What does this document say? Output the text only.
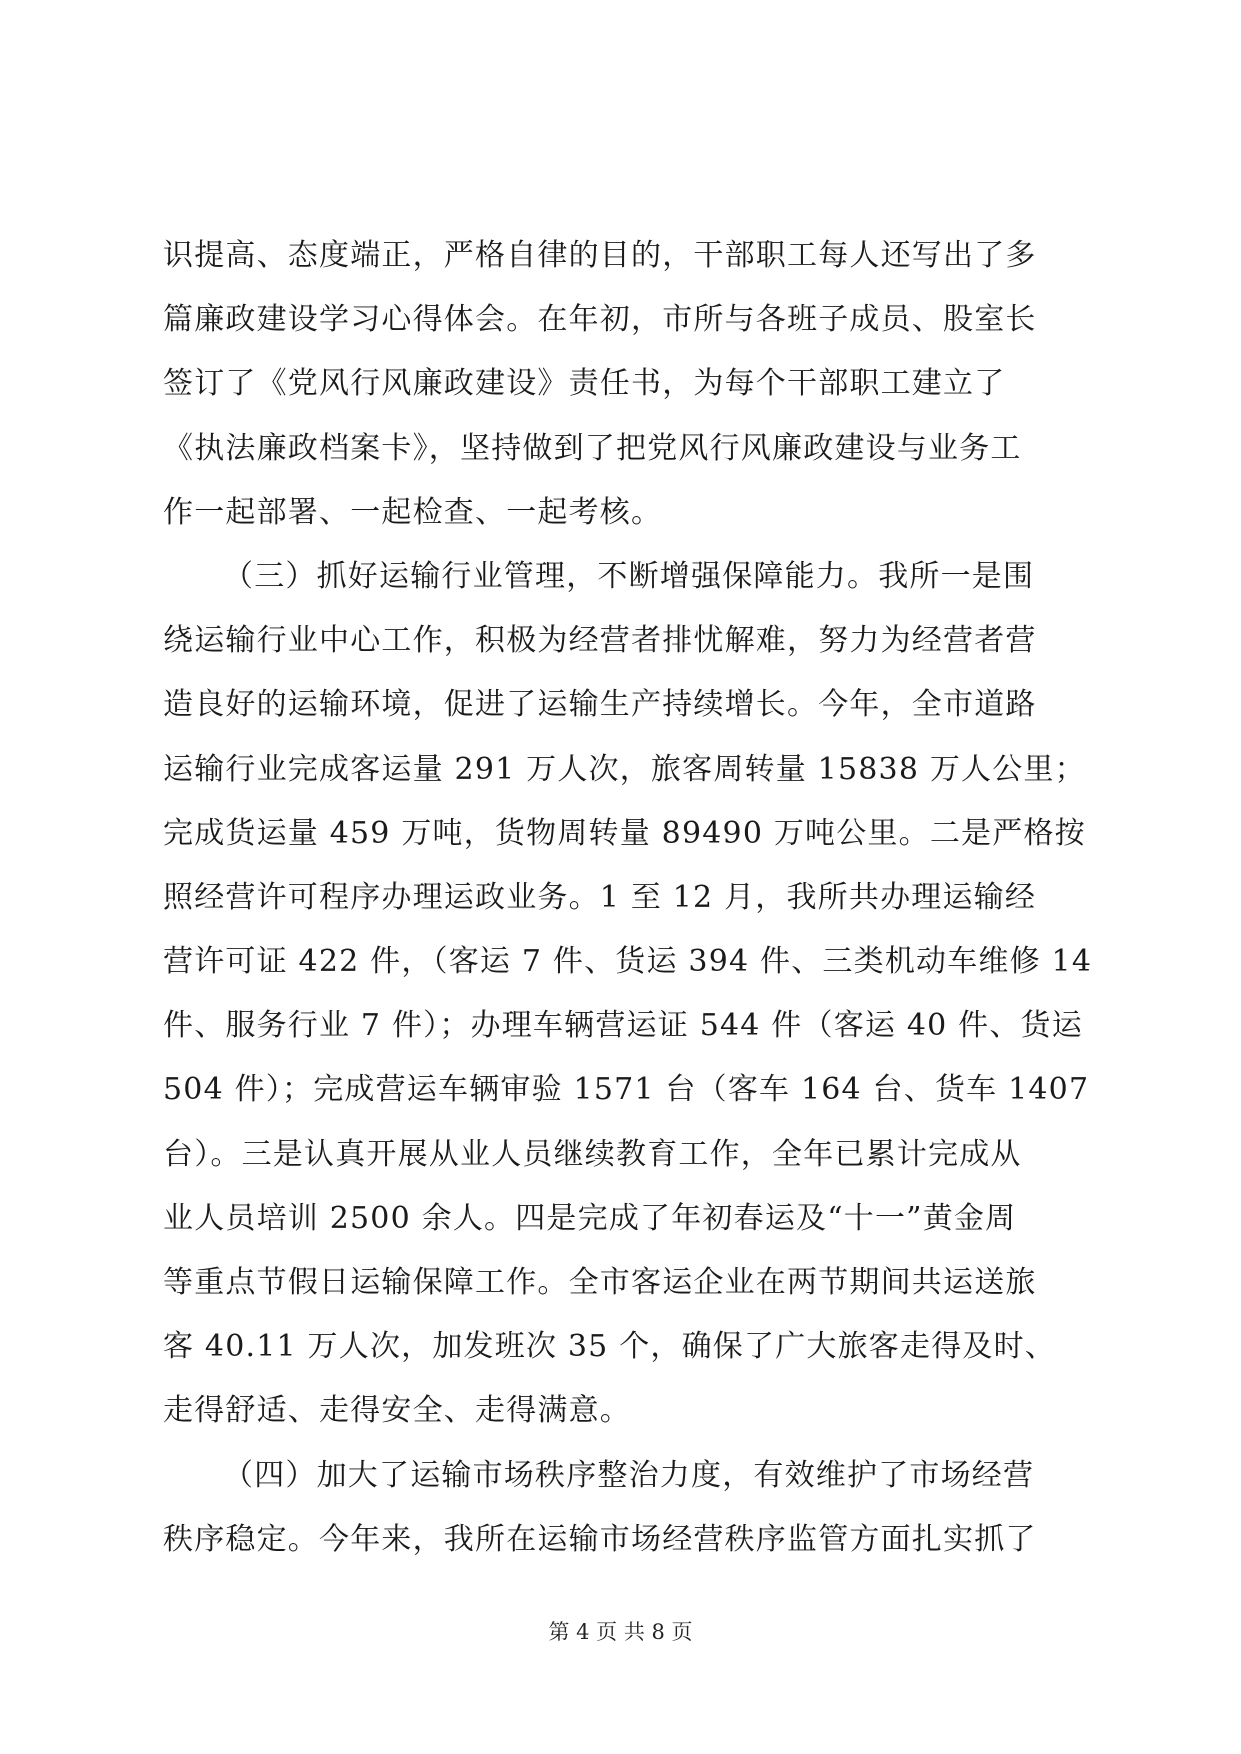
识提高、态度端正，严格自律的目的，干部职工每人还写出了多
篇廉政建设学习心得体会。在年初，市所与各班子成员、股室长
签订了《党风行风廉政建设》责任书，为每个干部职工建立了
《执法廉政档案卡》，坚持做到了把党风行风廉政建设与业务工
作一起部署、一起检查、一起考核。
（三）抓好运输行业管理，不断增强保障能力。我所一是围
绕运输行业中心工作，积极为经营者排忧解难，努力为经营者营
造良好的运输环境，促进了运输生产持续增长。今年，全市道路
运输行业完成客运量 291 万人次，旅客周转量 15838 万人公里；
完成货运量 459 万吨，货物周转量 89490 万吨公里。二是严格按
照经营许可程序办理运政业务。1 至 12 月，我所共办理运输经
营许可证 422 件，（客运 7 件、货运 394 件、三类机动车维修 14
件、服务行业 7 件）；办理车辆营运证 544 件（客运 40 件、货运
504 件）；完成营运车辆审验 1571 台（客车 164 台、货车 1407
台）。三是认真开展从业人员继续教育工作，全年已累计完成从
业人员培训 2500 余人。四是完成了年初春运及“十一”黄金周
等重点节假日运输保障工作。全市客运企业在两节期间共运送旅
客 40.11 万人次，加发班次 35 个，确保了广大旅客走得及时、
走得舒适、走得安全、走得满意。
（四）加大了运输市场秩序整治力度，有效维护了市场经营
秩序稳定。今年来，我所在运输市场经营秩序监管方面扎实抓了
第 4 页 共 8 页
